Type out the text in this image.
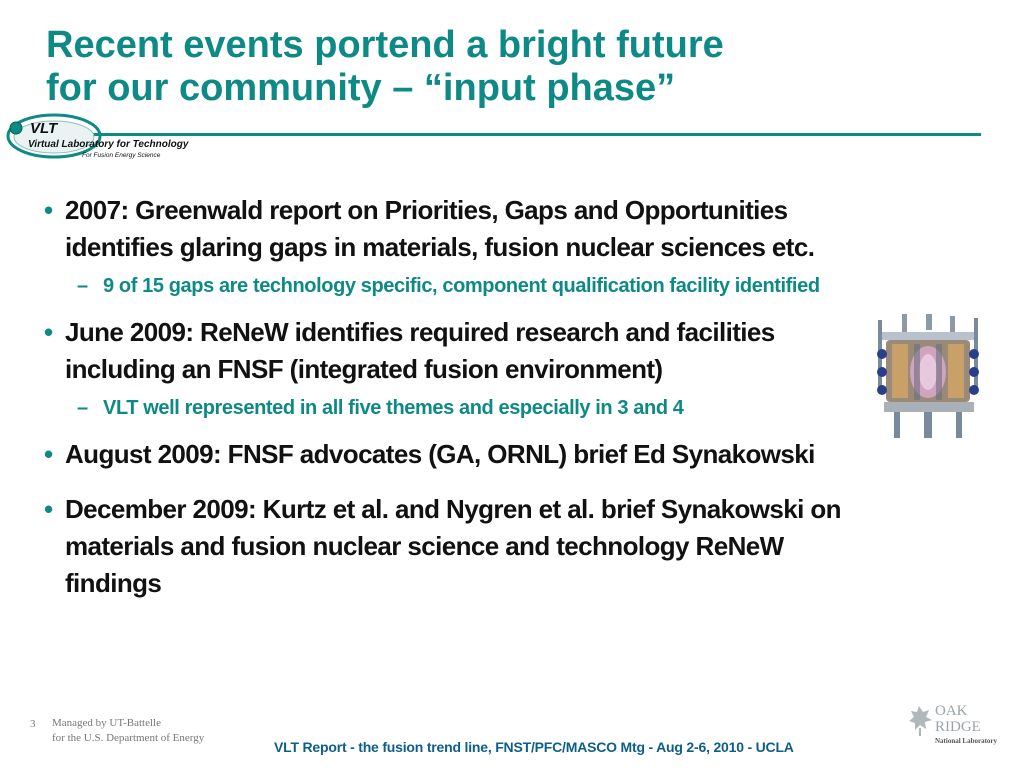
Recent events portend a bright future
for our community – “input phase”
VLT
Virtual Laboratory for Technology
For Fusion Energy Science
• 2007: Greenwald report on Priorities, Gaps and Opportunities
identifies glaring gaps in materials, fusion nuclear sciences etc.
– 9 of 15 gaps are technology specific, component qualification facility identified
• June 2009: ReNeW identifies required research and facilities
including an FNSF (integrated fusion environment)
– VLT well represented in all five themes and especially in 3 and 4
• August 2009: FNSF advocates (GA, ORNL) brief Ed Synakowski
• December 2009: Kurtz et al. and Nygren et al. brief Synakowski on
materials and fusion nuclear science and technology ReNeW
findings
3 Managed by UT-Battelle
for the U.S. Department of Energy
VLT Report - the fusion trend line, FNST/PFC/MASCO Mtg - Aug 2-6, 2010 - UCLA
OAK
RIDGE
National Laboratory
